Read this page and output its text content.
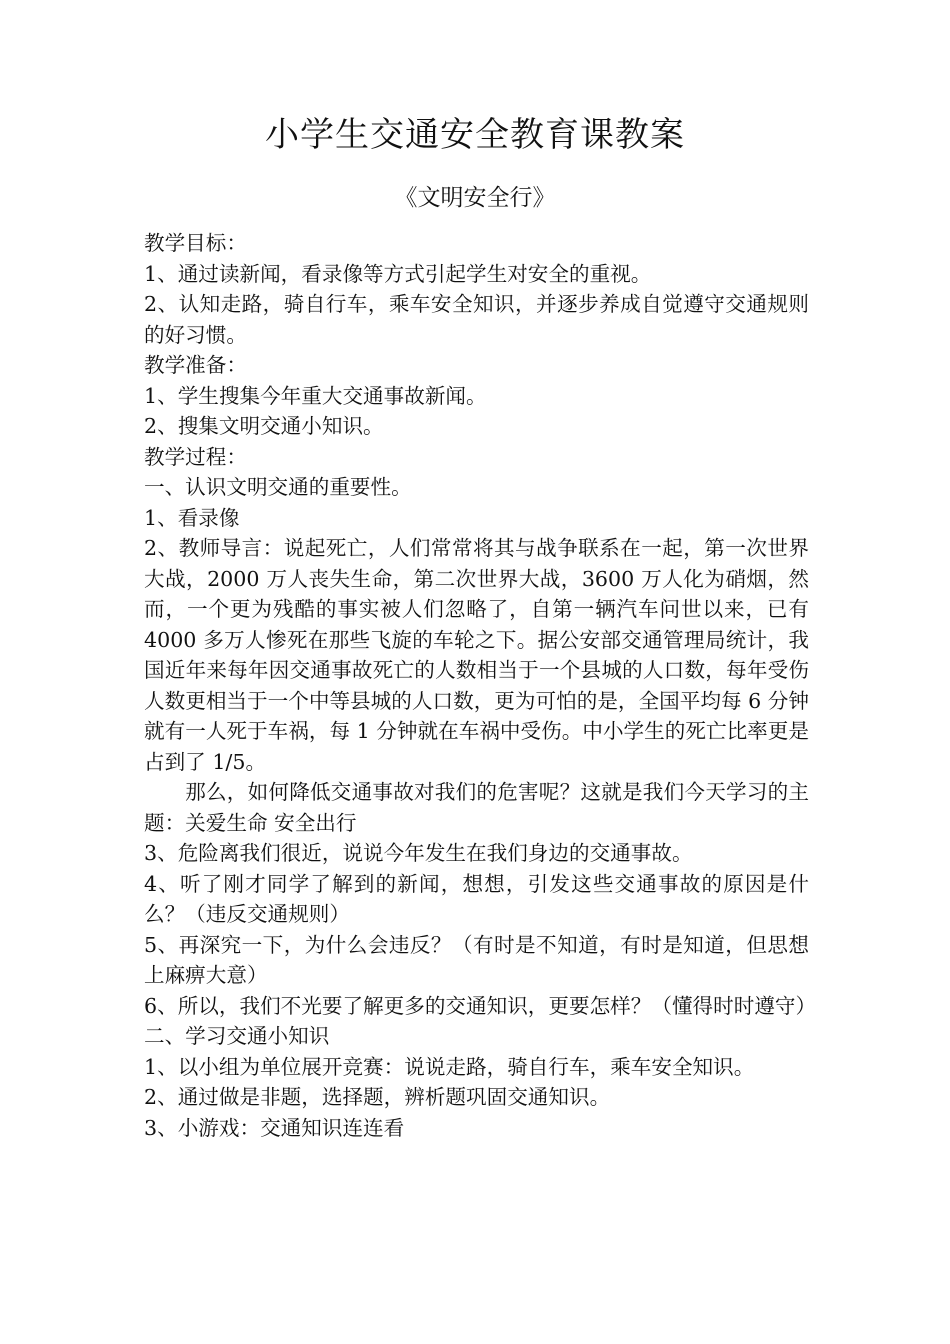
小学生交通安全教育课教案
《文明安全行》

教学目标：

1、通过读新闻，看录像等方式引起学生对安全的重视。

2、认知走路，骑自行车，乘车安全知识，并逐步养成自觉遵守交通规则的好习惯。

教学准备：

1、学生搜集今年重大交通事故新闻。

2、搜集文明交通小知识。

教学过程：

一、认识文明交通的重要性。

1、看录像

2、教师导言：说起死亡，人们常常将其与战争联系在一起，第一次世界大战，2000 万人丧失生命，第二次世界大战，3600 万人化为硝烟，然而，一个更为残酷的事实被人们忽略了，自第一辆汽车问世以来，已有 4000 多万人惨死在那些飞旋的车轮之下。据公安部交通管理局统计，我国近年来每年因交通事故死亡的人数相当于一个县城的人口数，每年受伤人数更相当于一个中等县城的人口数，更为可怕的是，全国平均每 6 分钟就有一人死于车祸，每 1 分钟就在车祸中受伤。中小学生的死亡比率更是占到了 1/5。

那么，如何降低交通事故对我们的危害呢？这就是我们今天学习的主题：关爱生命 安全出行

3、危险离我们很近，说说今年发生在我们身边的交通事故。

4、听了刚才同学了解到的新闻，想想，引发这些交通事故的原因是什么？（违反交通规则）

5、再深究一下，为什么会违反？（有时是不知道，有时是知道，但思想上麻痹大意）

6、所以，我们不光要了解更多的交通知识，更要怎样？（懂得时时遵守）

二、学习交通小知识

1、以小组为单位展开竞赛：说说走路，骑自行车，乘车安全知识。

2、通过做是非题，选择题，辨析题巩固交通知识。

3、小游戏：交通知识连连看
